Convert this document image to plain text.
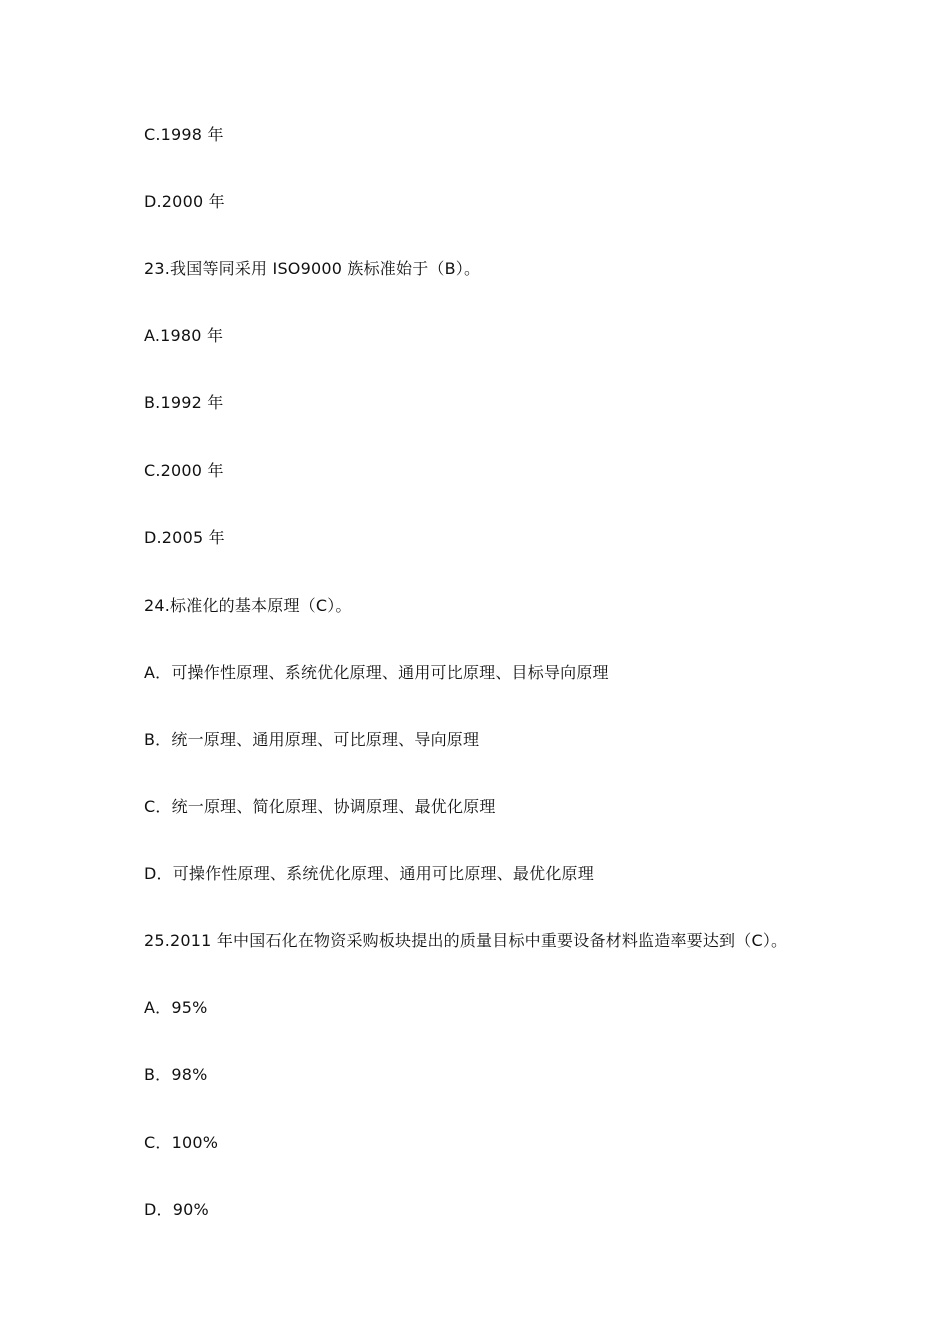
C.1998 年
D.2000 年
23.我国等同采用 ISO9000 族标准始于（B）。
A.1980 年
B.1992 年
C.2000 年
D.2005 年
24.标准化的基本原理（C）。
A．可操作性原理、系统优化原理、通用可比原理、目标导向原理
B．统一原理、通用原理、可比原理、导向原理
C．统一原理、简化原理、协调原理、最优化原理
D．可操作性原理、系统优化原理、通用可比原理、最优化原理
25.2011 年中国石化在物资采购板块提出的质量目标中重要设备材料监造率要达到（C）。
A．95%
B．98%
C．100%
D．90%
